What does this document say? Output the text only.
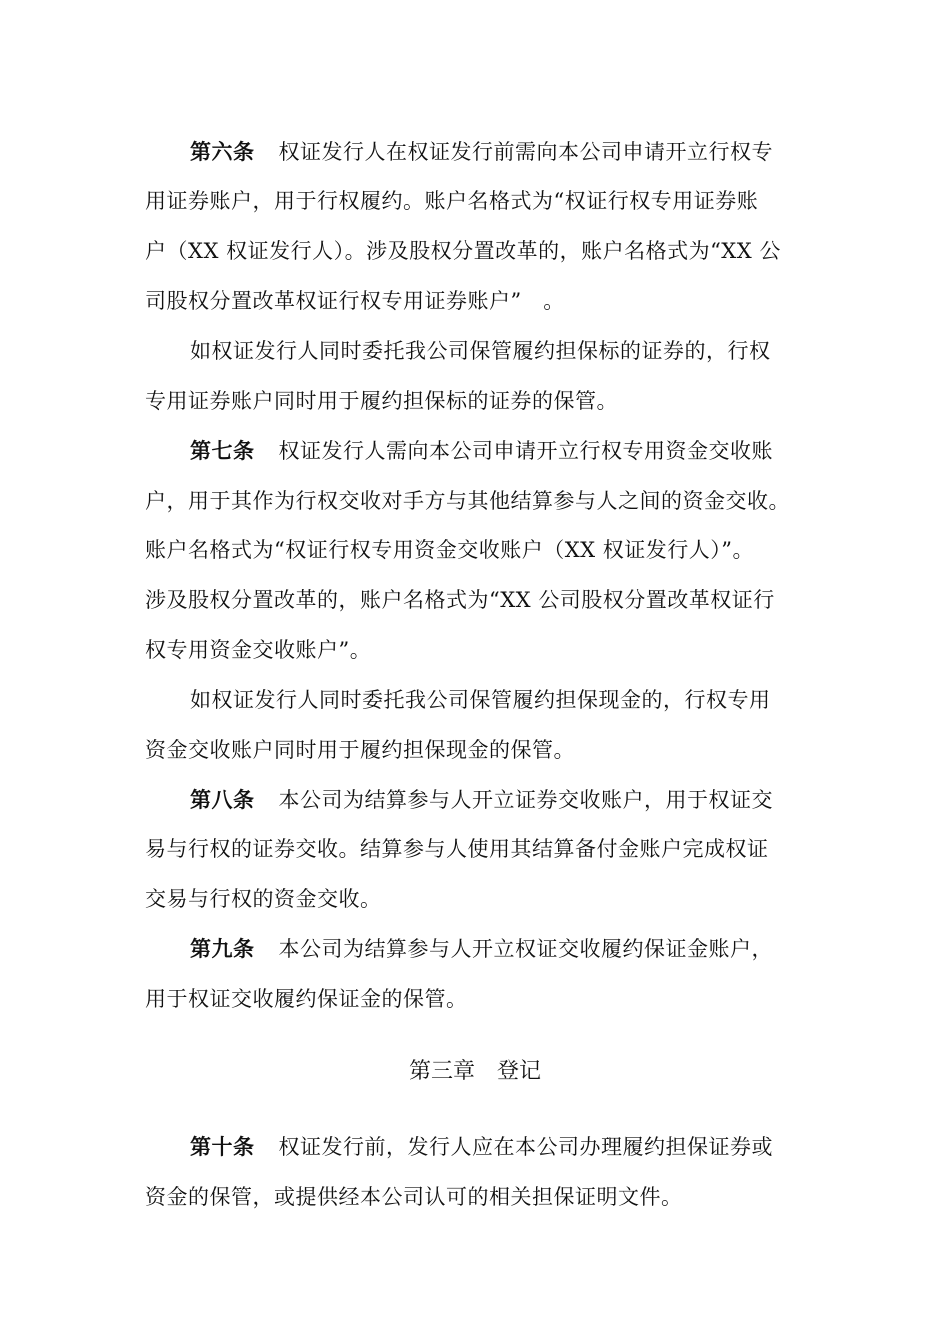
第六条 权证发行人在权证发行前需向本公司申请开立行权专
用证券账户，用于行权履约。账户名格式为“权证行权专用证券账
户（XX 权证发行人）。涉及股权分置改革的，账户名格式为“XX 公
司股权分置改革权证行权专用证券账户”　。
如权证发行人同时委托我公司保管履约担保标的证券的，行权
专用证券账户同时用于履约担保标的证券的保管。
第七条 权证发行人需向本公司申请开立行权专用资金交收账
户，用于其作为行权交收对手方与其他结算参与人之间的资金交收。
账户名格式为“权证行权专用资金交收账户（XX 权证发行人）”。
涉及股权分置改革的，账户名格式为“XX 公司股权分置改革权证行
权专用资金交收账户”。
如权证发行人同时委托我公司保管履约担保现金的，行权专用
资金交收账户同时用于履约担保现金的保管。
第八条 本公司为结算参与人开立证券交收账户，用于权证交
易与行权的证券交收。结算参与人使用其结算备付金账户完成权证
交易与行权的资金交收。
第九条 本公司为结算参与人开立权证交收履约保证金账户，
用于权证交收履约保证金的保管。
第三章 登记
第十条 权证发行前，发行人应在本公司办理履约担保证券或
资金的保管，或提供经本公司认可的相关担保证明文件。
